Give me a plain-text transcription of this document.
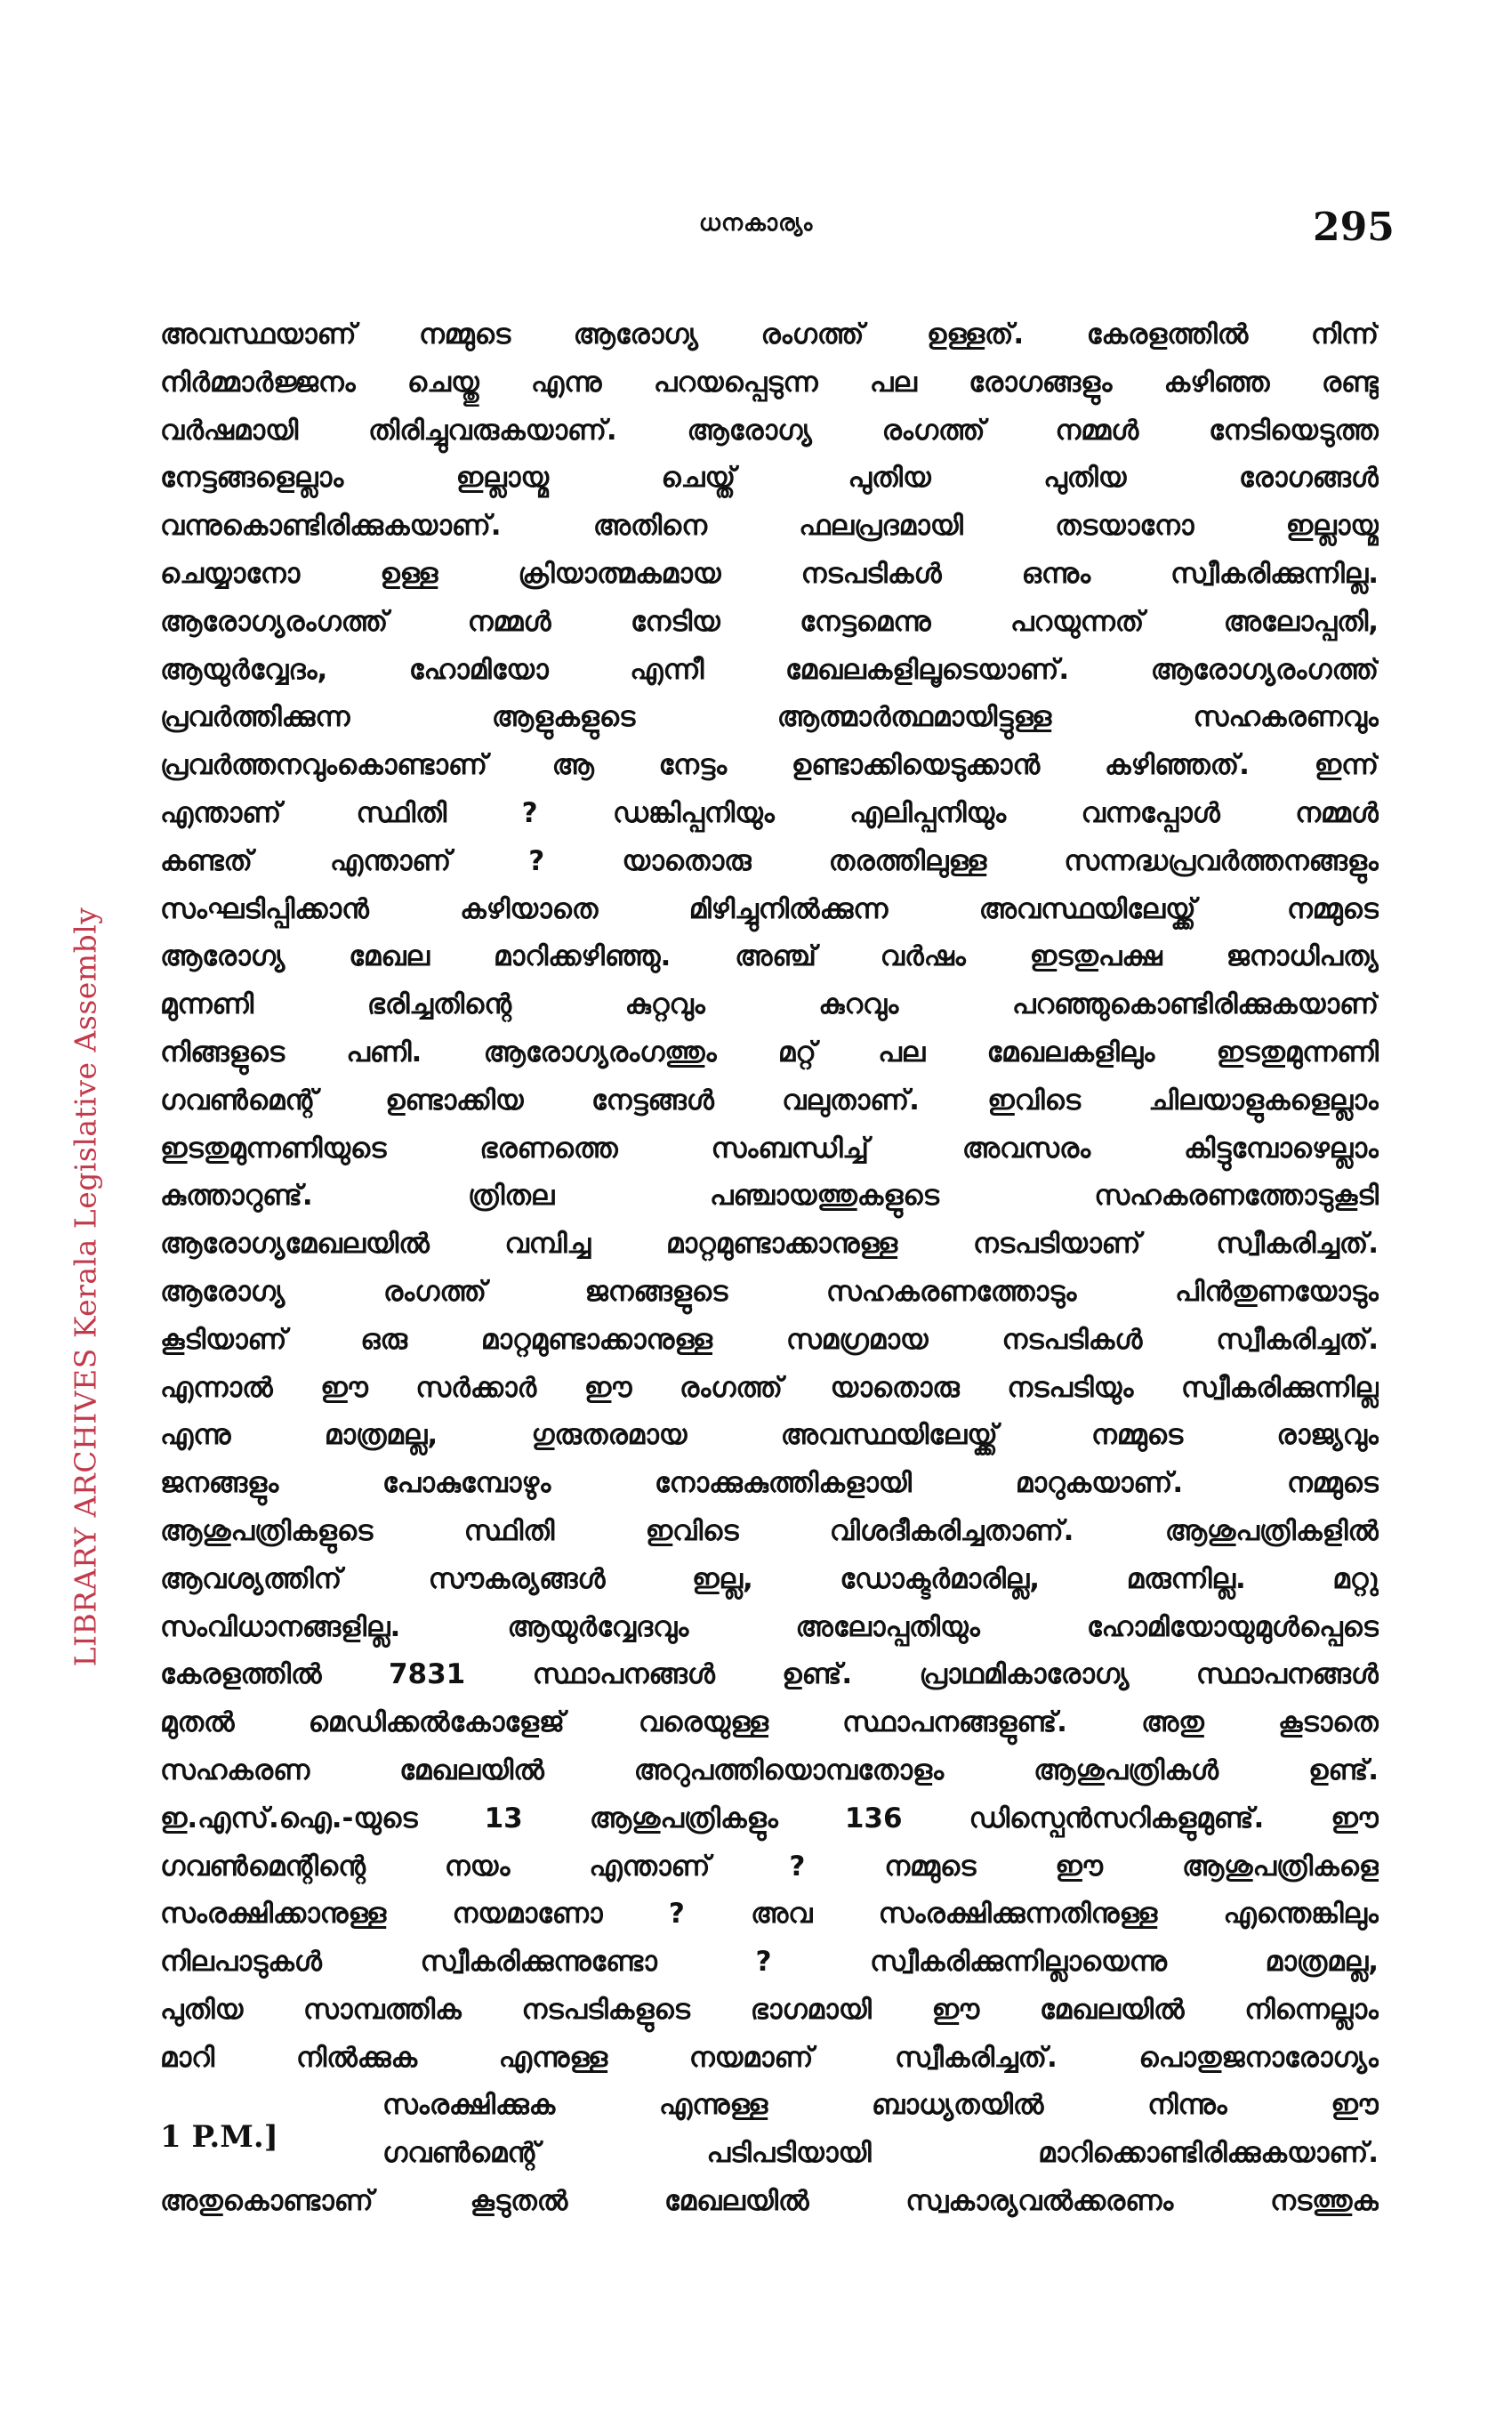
ധനകാര്യം	295
LIBRARY ARCHIVES Kerala Legislative Assembly
അവസ്ഥയാണ് നമ്മുടെ ആരോഗ്യ രംഗത്ത് ഉള്ളത്. കേരളത്തിൽ നിന്ന്
നിർമ്മാർജ്ജനം ചെയ്തു എന്നു പറയപ്പെടുന്ന പല രോഗങ്ങളും കഴിഞ്ഞ രണ്ടു
വർഷമായി തിരിച്ചുവരുകയാണ്. ആരോഗ്യ രംഗത്ത് നമ്മൾ നേടിയെടുത്ത
നേട്ടങ്ങളെല്ലാം ഇല്ലായ്മ ചെയ്ത് പുതിയ പുതിയ രോഗങ്ങൾ
വന്നുകൊണ്ടിരിക്കുകയാണ്. അതിനെ ഫലപ്രദമായി തടയാനോ ഇല്ലായ്മ
ചെയ്യാനോ ഉള്ള ക്രിയാത്മകമായ നടപടികൾ ഒന്നും സ്വീകരിക്കുന്നില്ല.
ആരോഗ്യരംഗത്ത് നമ്മൾ നേടിയ നേട്ടമെന്നു പറയുന്നത് അലോപ്പതി,
ആയുർവ്വേദം, ഹോമിയോ എന്നീ മേഖലകളിലൂടെയാണ്. ആരോഗ്യരംഗത്ത്
പ്രവർത്തിക്കുന്ന ആളുകളുടെ ആത്മാർത്ഥമായിട്ടുള്ള സഹകരണവും
പ്രവർത്തനവുംകൊണ്ടാണ് ആ നേട്ടം ഉണ്ടാക്കിയെടുക്കാൻ കഴിഞ്ഞത്. ഇന്ന്
എന്താണ് സ്ഥിതി ? ഡങ്കിപ്പനിയും എലിപ്പനിയും വന്നപ്പോൾ നമ്മൾ
കണ്ടത് എന്താണ് ? യാതൊരു തരത്തിലുള്ള സന്നദ്ധപ്രവർത്തനങ്ങളും
സംഘടിപ്പിക്കാൻ കഴിയാതെ മിഴിച്ചുനിൽക്കുന്ന അവസ്ഥയിലേയ്ക്ക് നമ്മുടെ
ആരോഗ്യ മേഖല മാറിക്കഴിഞ്ഞു. അഞ്ച് വർഷം ഇടതുപക്ഷ ജനാധിപത്യ
മുന്നണി ഭരിച്ചതിന്റെ കുറ്റവും കുറവും പറഞ്ഞുകൊണ്ടിരിക്കുകയാണ്
നിങ്ങളുടെ പണി. ആരോഗ്യരംഗത്തും മറ്റ് പല മേഖലകളിലും ഇടതുമുന്നണി
ഗവൺമെന്റ് ഉണ്ടാക്കിയ നേട്ടങ്ങൾ വലുതാണ്. ഇവിടെ ചിലയാളുകളെല്ലാം
ഇടതുമുന്നണിയുടെ ഭരണത്തെ സംബന്ധിച്ച് അവസരം കിട്ടുമ്പോഴെല്ലാം
കുത്താറുണ്ട്. ത്രിതല പഞ്ചായത്തുകളുടെ സഹകരണത്തോടുകൂടി
ആരോഗ്യമേഖലയിൽ വമ്പിച്ച മാറ്റമുണ്ടാക്കാനുള്ള നടപടിയാണ് സ്വീകരിച്ചത്.
ആരോഗ്യ രംഗത്ത് ജനങ്ങളുടെ സഹകരണത്തോടും പിൻതുണയോടും
കൂടിയാണ് ഒരു മാറ്റമുണ്ടാക്കാനുള്ള സമഗ്രമായ നടപടികൾ സ്വീകരിച്ചത്.
എന്നാൽ ഈ സർക്കാർ ഈ രംഗത്ത് യാതൊരു നടപടിയും സ്വീകരിക്കുന്നില്ല
എന്നു മാത്രമല്ല, ഗുരുതരമായ അവസ്ഥയിലേയ്ക്ക് നമ്മുടെ രാജ്യവും
ജനങ്ങളും പോകുമ്പോഴും നോക്കുകുത്തികളായി മാറുകയാണ്. നമ്മുടെ
ആശുപത്രികളുടെ സ്ഥിതി ഇവിടെ വിശദീകരിച്ചതാണ്. ആശുപത്രികളിൽ
ആവശ്യത്തിന് സൗകര്യങ്ങൾ ഇല്ല, ഡോക്ടർമാരില്ല, മരുന്നില്ല. മറ്റു
സംവിധാനങ്ങളില്ല. ആയുർവ്വേദവും അലോപ്പതിയും ഹോമിയോയുമുൾപ്പെടെ
കേരളത്തിൽ 7831 സ്ഥാപനങ്ങൾ ഉണ്ട്. പ്രാഥമികാരോഗ്യ സ്ഥാപനങ്ങൾ
മുതൽ മെഡിക്കൽകോളേജ് വരെയുള്ള സ്ഥാപനങ്ങളുണ്ട്. അതു കൂടാതെ
സഹകരണ മേഖലയിൽ അറുപത്തിയൊമ്പതോളം ആശുപത്രികൾ ഉണ്ട്.
ഇ.എസ്.ഐ.-യുടെ 13 ആശുപത്രികളും 136 ഡിസ്പെൻസറികളുമുണ്ട്. ഈ
ഗവൺമെന്റിന്റെ നയം എന്താണ് ? നമ്മുടെ ഈ ആശുപത്രികളെ
സംരക്ഷിക്കാനുള്ള നയമാണോ ? അവ സംരക്ഷിക്കുന്നതിനുള്ള എന്തെങ്കിലും
നിലപാടുകൾ സ്വീകരിക്കുന്നുണ്ടോ ? സ്വീകരിക്കുന്നില്ലായെന്നു മാത്രമല്ല,
പുതിയ സാമ്പത്തിക നടപടികളുടെ ഭാഗമായി ഈ മേഖലയിൽ നിന്നെല്ലാം
മാറി നിൽക്കുക എന്നുള്ള നയമാണ് സ്വീകരിച്ചത്. പൊതുജനാരോഗ്യം
സംരക്ഷിക്കുക എന്നുള്ള ബാധ്യതയിൽ നിന്നും ഈ
ഗവൺമെന്റ് പടിപടിയായി മാറിക്കൊണ്ടിരിക്കുകയാണ്.
അതുകൊണ്ടാണ് കൂടുതൽ മേഖലയിൽ സ്വകാര്യവൽക്കരണം നടത്തുക
1 P.M.]
